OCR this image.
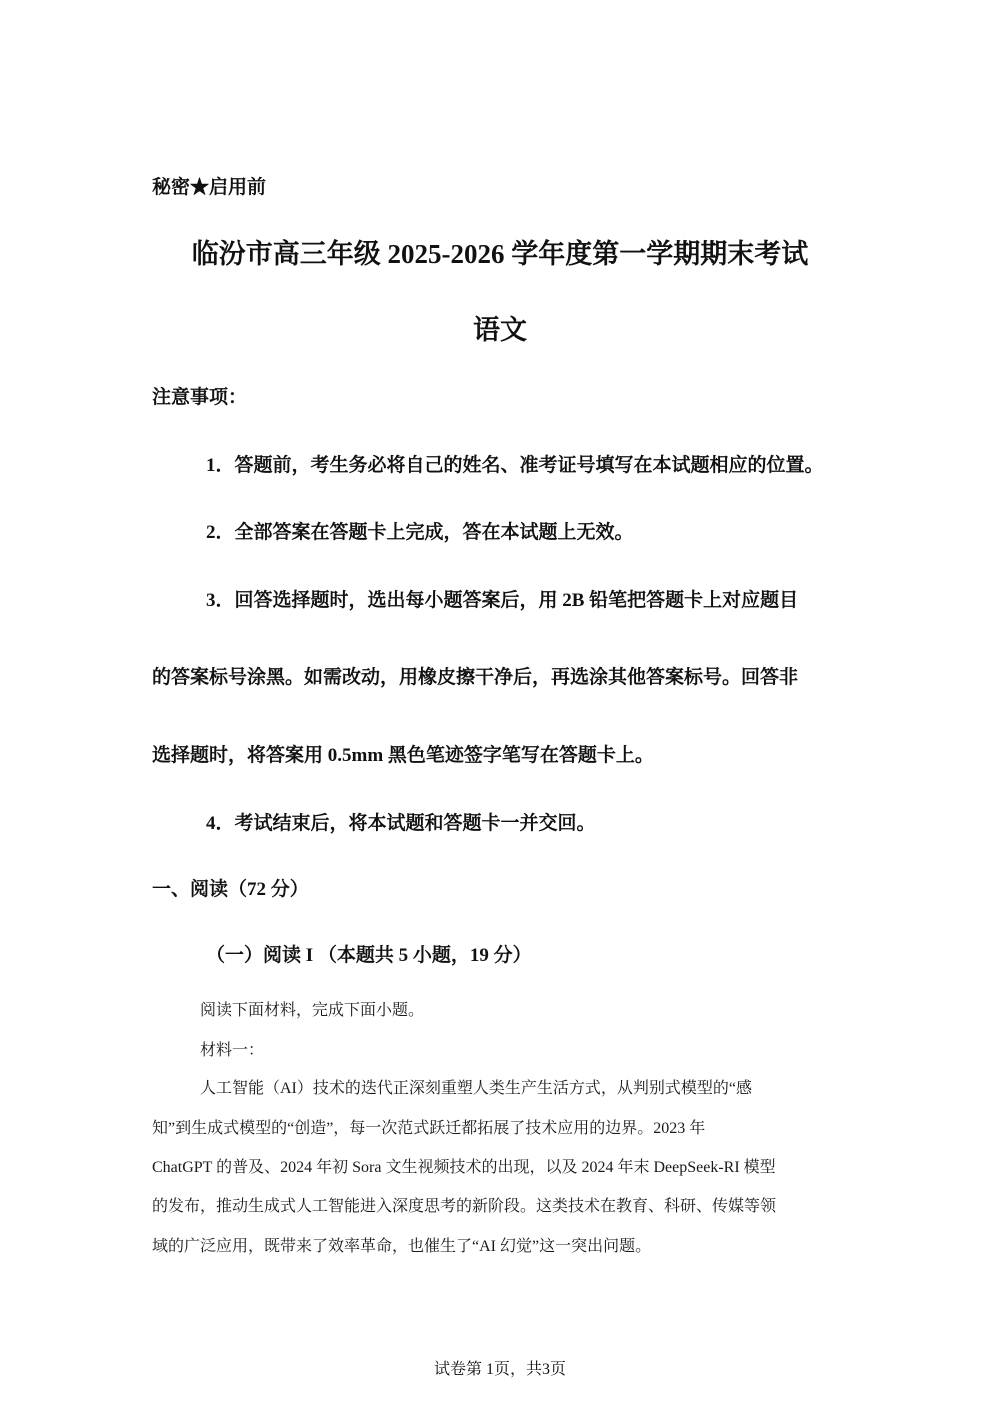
秘密★启用前
临汾市高三年级 2025-2026 学年度第一学期期末考试
语文
注意事项：
1．答题前，考生务必将自己的姓名、准考证号填写在本试题相应的位置。
2．全部答案在答题卡上完成，答在本试题上无效。
3．回答选择题时，选出每小题答案后，用 2B 铅笔把答题卡上对应题目
的答案标号涂黑。如需改动，用橡皮擦干净后，再选涂其他答案标号。回答非
选择题时，将答案用 0.5mm 黑色笔迹签字笔写在答题卡上。
4．考试结束后，将本试题和答题卡一并交回。
一、阅读（72 分）
（一）阅读 I （本题共 5 小题，19 分）
阅读下面材料，完成下面小题。
材料一：
人工智能（AI）技术的迭代正深刻重塑人类生产生活方式，从判别式模型的“感
知”到生成式模型的“创造”，每一次范式跃迁都拓展了技术应用的边界。2023 年
ChatGPT 的普及、2024 年初 Sora 文生视频技术的出现，以及 2024 年末 DeepSeek-RI 模型
的发布，推动生成式人工智能进入深度思考的新阶段。这类技术在教育、科研、传媒等领
域的广泛应用，既带来了效率革命，也催生了“AI 幻觉”这一突出问题。
试卷第 1页，共3页
